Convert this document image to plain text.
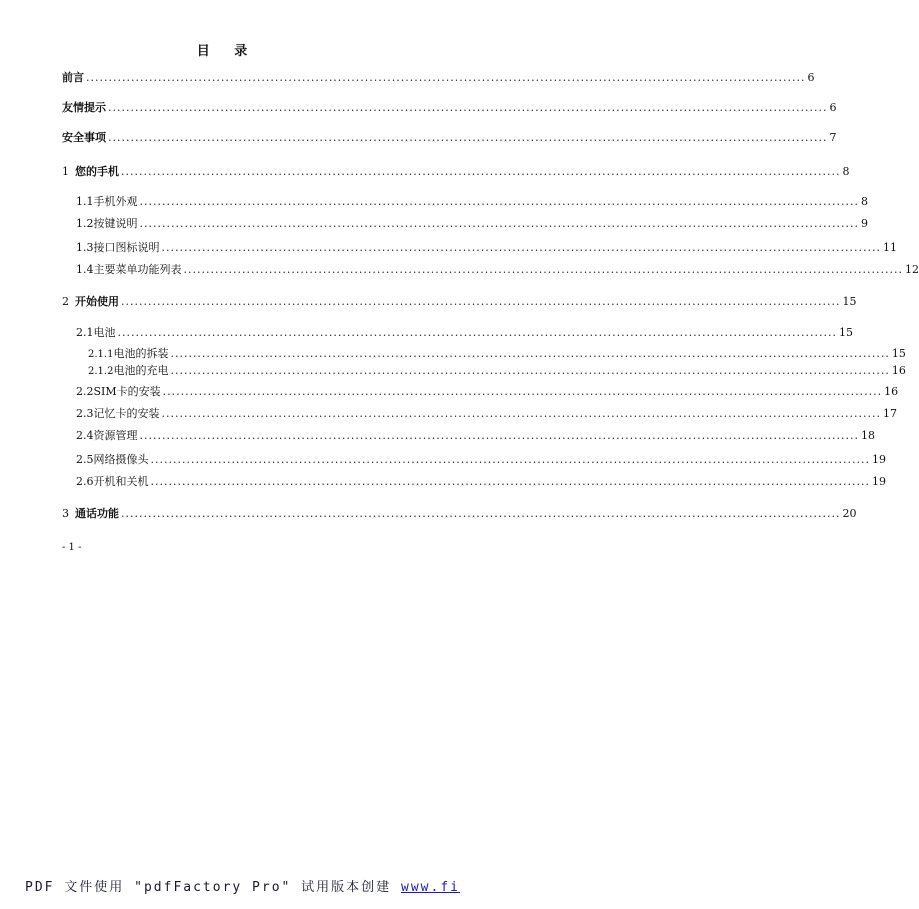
目 录
前言 .....	6
友情提示 .....	6
安全事项 .....	7
1 您的手机 .....	8
1.1 手机外观 .....	8
1.2 按键说明 .....	9
1.3 接口图标说明 .....	11
1.4 主要菜单功能列表 .....	12
2 开始使用 .....	15
2.1 电池 .....	15
2.1.1 电池的拆装 .....	15
2.1.2 电池的充电 .....	16
2.2 SIM卡的安装 .....	16
2.3 记忆卡的安装 .....	17
2.4 资源管理 .....	18
2.5 网络摄像头 .....	19
2.6 开机和关机 .....	19
3 通话功能 .....	20
- 1 -
PDF 文件使用 "pdfFactory Pro" 试用版本创建 www.fi
